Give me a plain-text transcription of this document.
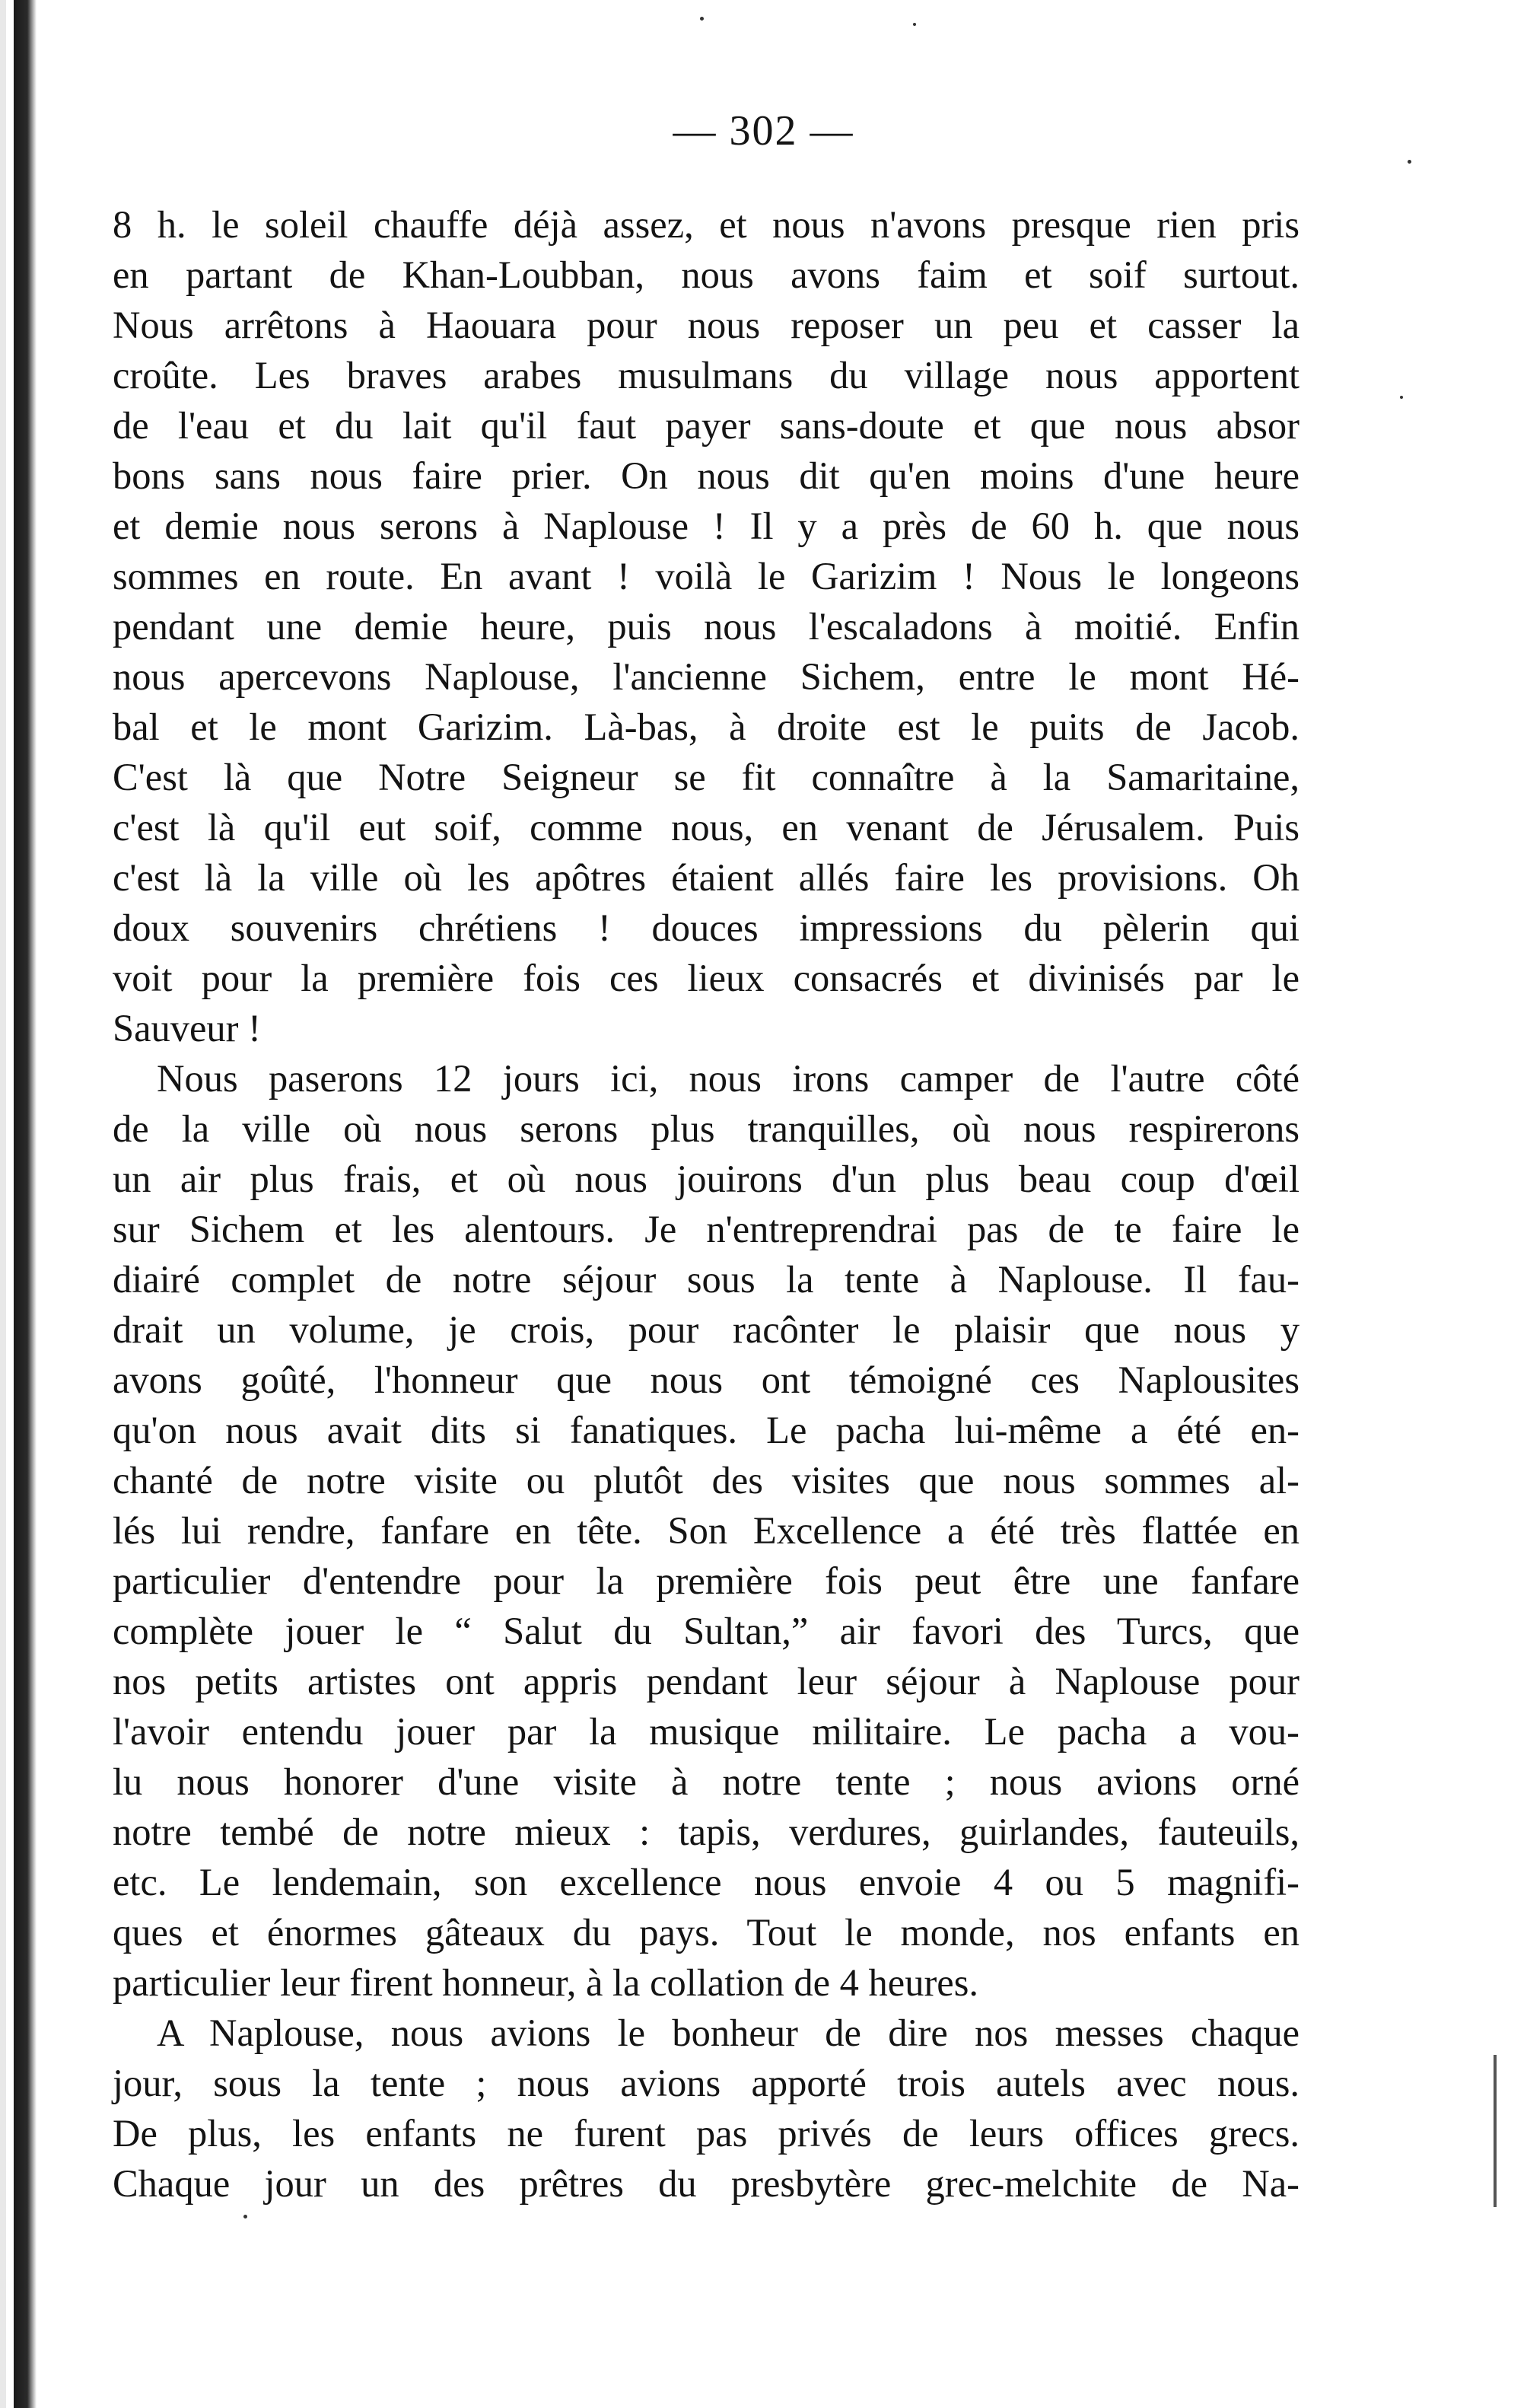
— 302 —
8 h. le soleil chauffe déjà assez, et nous n'avons presque rien pris
en partant de Khan-Loubban, nous avons faim et soif surtout.
Nous arrêtons à Haouara pour nous reposer un peu et casser la
croûte. Les braves arabes musulmans du village nous apportent
de l'eau et du lait qu'il faut payer sans-doute et que nous absor
bons sans nous faire prier. On nous dit qu'en moins d'une heure
et demie nous serons à Naplouse ! Il y a près de 60 h. que nous
sommes en route. En avant ! voilà le Garizim ! Nous le longeons
pendant une demie heure, puis nous l'escaladons à moitié. Enfin
nous apercevons Naplouse, l'ancienne Sichem, entre le mont Hé-
bal et le mont Garizim. Là-bas, à droite est le puits de Jacob.
C'est là que Notre Seigneur se fit connaître à la Samaritaine,
c'est là qu'il eut soif, comme nous, en venant de Jérusalem. Puis
c'est là la ville où les apôtres étaient allés faire les provisions. Oh
doux souvenirs chrétiens ! douces impressions du pèlerin qui
voit pour la première fois ces lieux consacrés et divinisés par le
Sauveur !
Nous paserons 12 jours ici, nous irons camper de l'autre côté
de la ville où nous serons plus tranquilles, où nous respirerons
un air plus frais, et où nous jouirons d'un plus beau coup d'œil
sur Sichem et les alentours. Je n'entreprendrai pas de te faire le
diairé complet de notre séjour sous la tente à Naplouse. Il fau-
drait un volume, je crois, pour racônter le plaisir que nous y
avons goûté, l'honneur que nous ont témoigné ces Naplousites
qu'on nous avait dits si fanatiques. Le pacha lui-même a été en-
chanté de notre visite ou plutôt des visites que nous sommes al-
lés lui rendre, fanfare en tête. Son Excellence a été très flattée en
particulier d'entendre pour la première fois peut être une fanfare
complète jouer le “ Salut du Sultan,” air favori des Turcs, que
nos petits artistes ont appris pendant leur séjour à Naplouse pour
l'avoir entendu jouer par la musique militaire. Le pacha a vou-
lu nous honorer d'une visite à notre tente ; nous avions orné
notre tembé de notre mieux : tapis, verdures, guirlandes, fauteuils,
etc. Le lendemain, son excellence nous envoie 4 ou 5 magnifi-
ques et énormes gâteaux du pays. Tout le monde, nos enfants en
particulier leur firent honneur, à la collation de 4 heures.
A Naplouse, nous avions le bonheur de dire nos messes chaque
jour, sous la tente ; nous avions apporté trois autels avec nous.
De plus, les enfants ne furent pas privés de leurs offices grecs.
Chaque jour un des prêtres du presbytère grec-melchite de Na-
